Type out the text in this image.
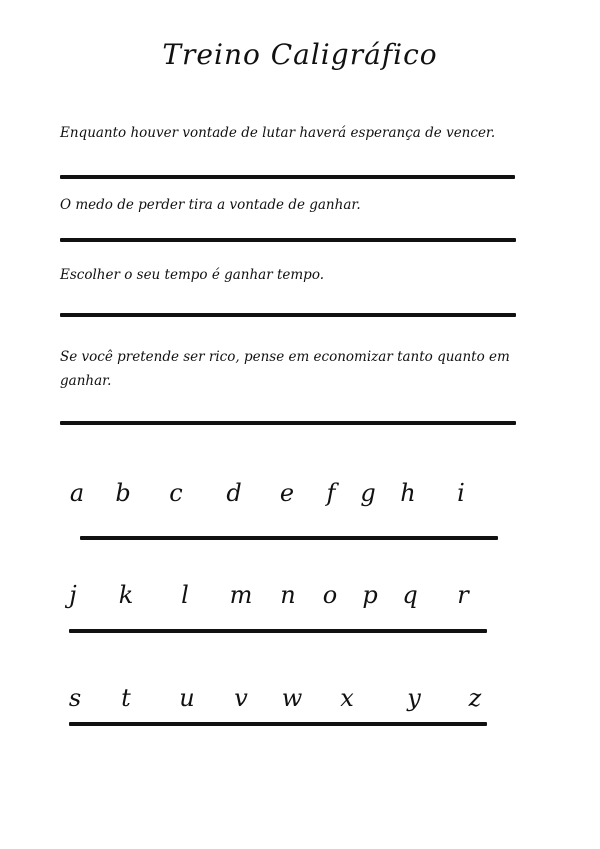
Treino Caligráfico
Enquanto houver vontade de lutar haverá esperança de vencer.
O medo de perder tira a vontade de ganhar.
Escolher o seu tempo é ganhar tempo.
Se você pretende ser rico, pense em economizar tanto quanto em ganhar.
a b c d e f g h i
j k l m n o p q r
s t u v w x y z
